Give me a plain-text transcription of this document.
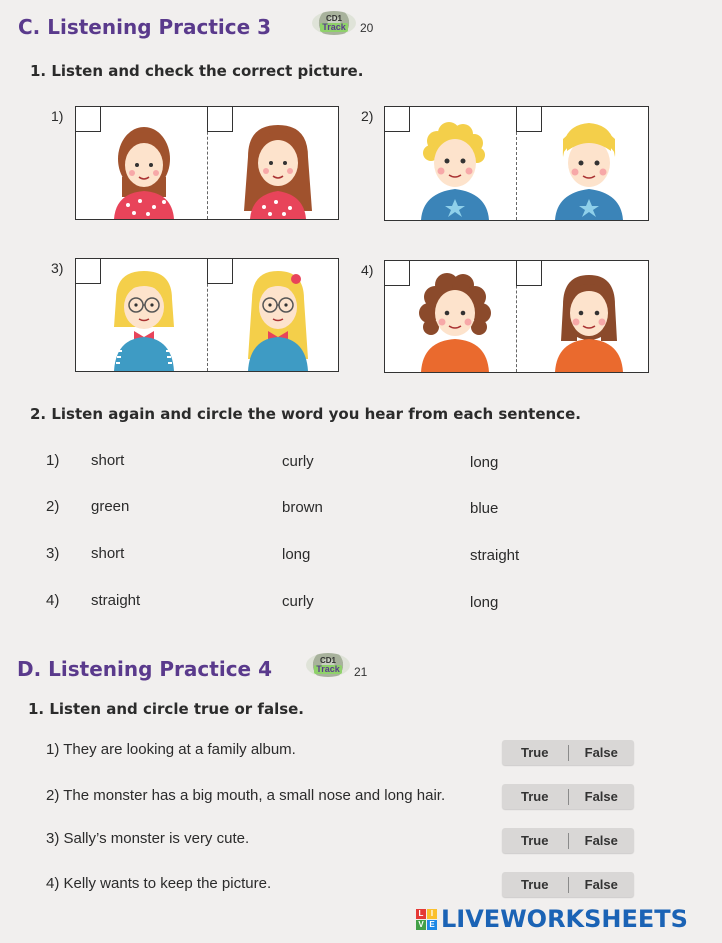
C. Listening Practice 3	CD1
Track 20
1. Listen and check the correct picture.
1)	2)
3)	4)
2. Listen again and circle the word you hear from each sentence.
1) short	curly	long
2) green	brown	blue
3) short	long	straight
4) straight	curly	long
D. Listening Practice 4	CD1
Track 21
1. Listen and circle true or false.
1) They are looking at a family album.	True	False
2) The monster has a big mouth, a small nose and long hair.	True	False
3) Sally’s monster is very cute.	True	False
4) Kelly wants to keep the picture.	True	False
L I
V E LIVEWORKSHEETS
